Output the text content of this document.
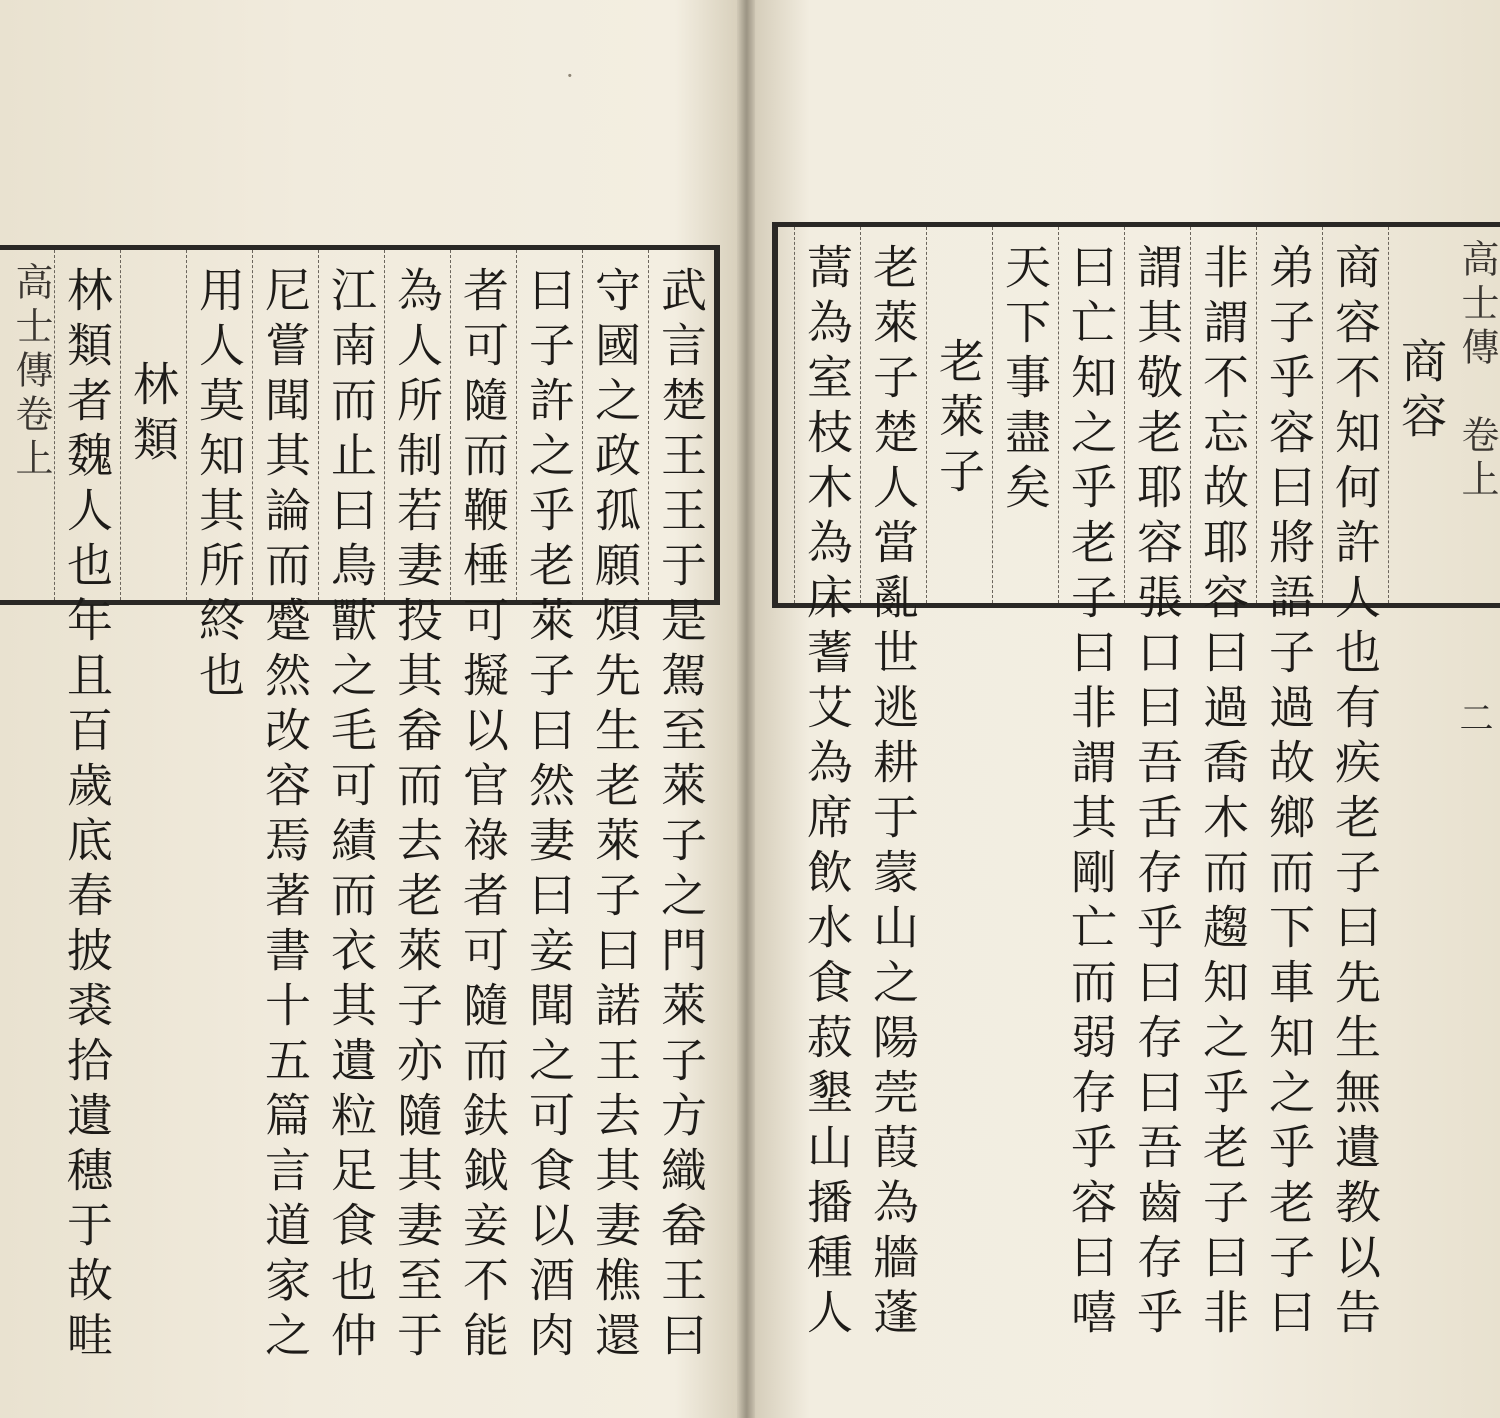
·
武言楚王王于是駕至萊子之門萊子方織畚王曰
守國之政孤願煩先生老萊子曰諾王去其妻樵還
曰子許之乎老萊子曰然妻曰妾聞之可食以酒肉
者可隨而鞭棰可擬以官祿者可隨而鈇鉞妾不能
為人所制若妻投其畚而去老萊子亦隨其妻至于
江南而止曰鳥獸之毛可績而衣其遺粒足食也仲
尼嘗聞其論而蹙然改容焉著書十五篇言道家之
用人莫知其所終也
林類
林類者魏人也年且百歲底春披裘拾遺穗于故畦
高士傳卷上	高士傳　卷上
商容
商容不知何許人也有疾老子曰先生無遺教以告
弟子乎容曰將語子過故鄉而下車知之乎老子曰
非謂不忘故耶容曰過喬木而趨知之乎老子曰非
謂其敬老耶容張口曰吾舌存乎曰存曰吾齒存乎
曰亡知之乎老子曰非謂其剛亡而弱存乎容曰嘻
天下事盡矣
老萊子
老萊子楚人當亂世逃耕于蒙山之陽莞葭為牆蓬
蒿為室枝木為床蓍艾為席飲水食菽墾山播種人	二
